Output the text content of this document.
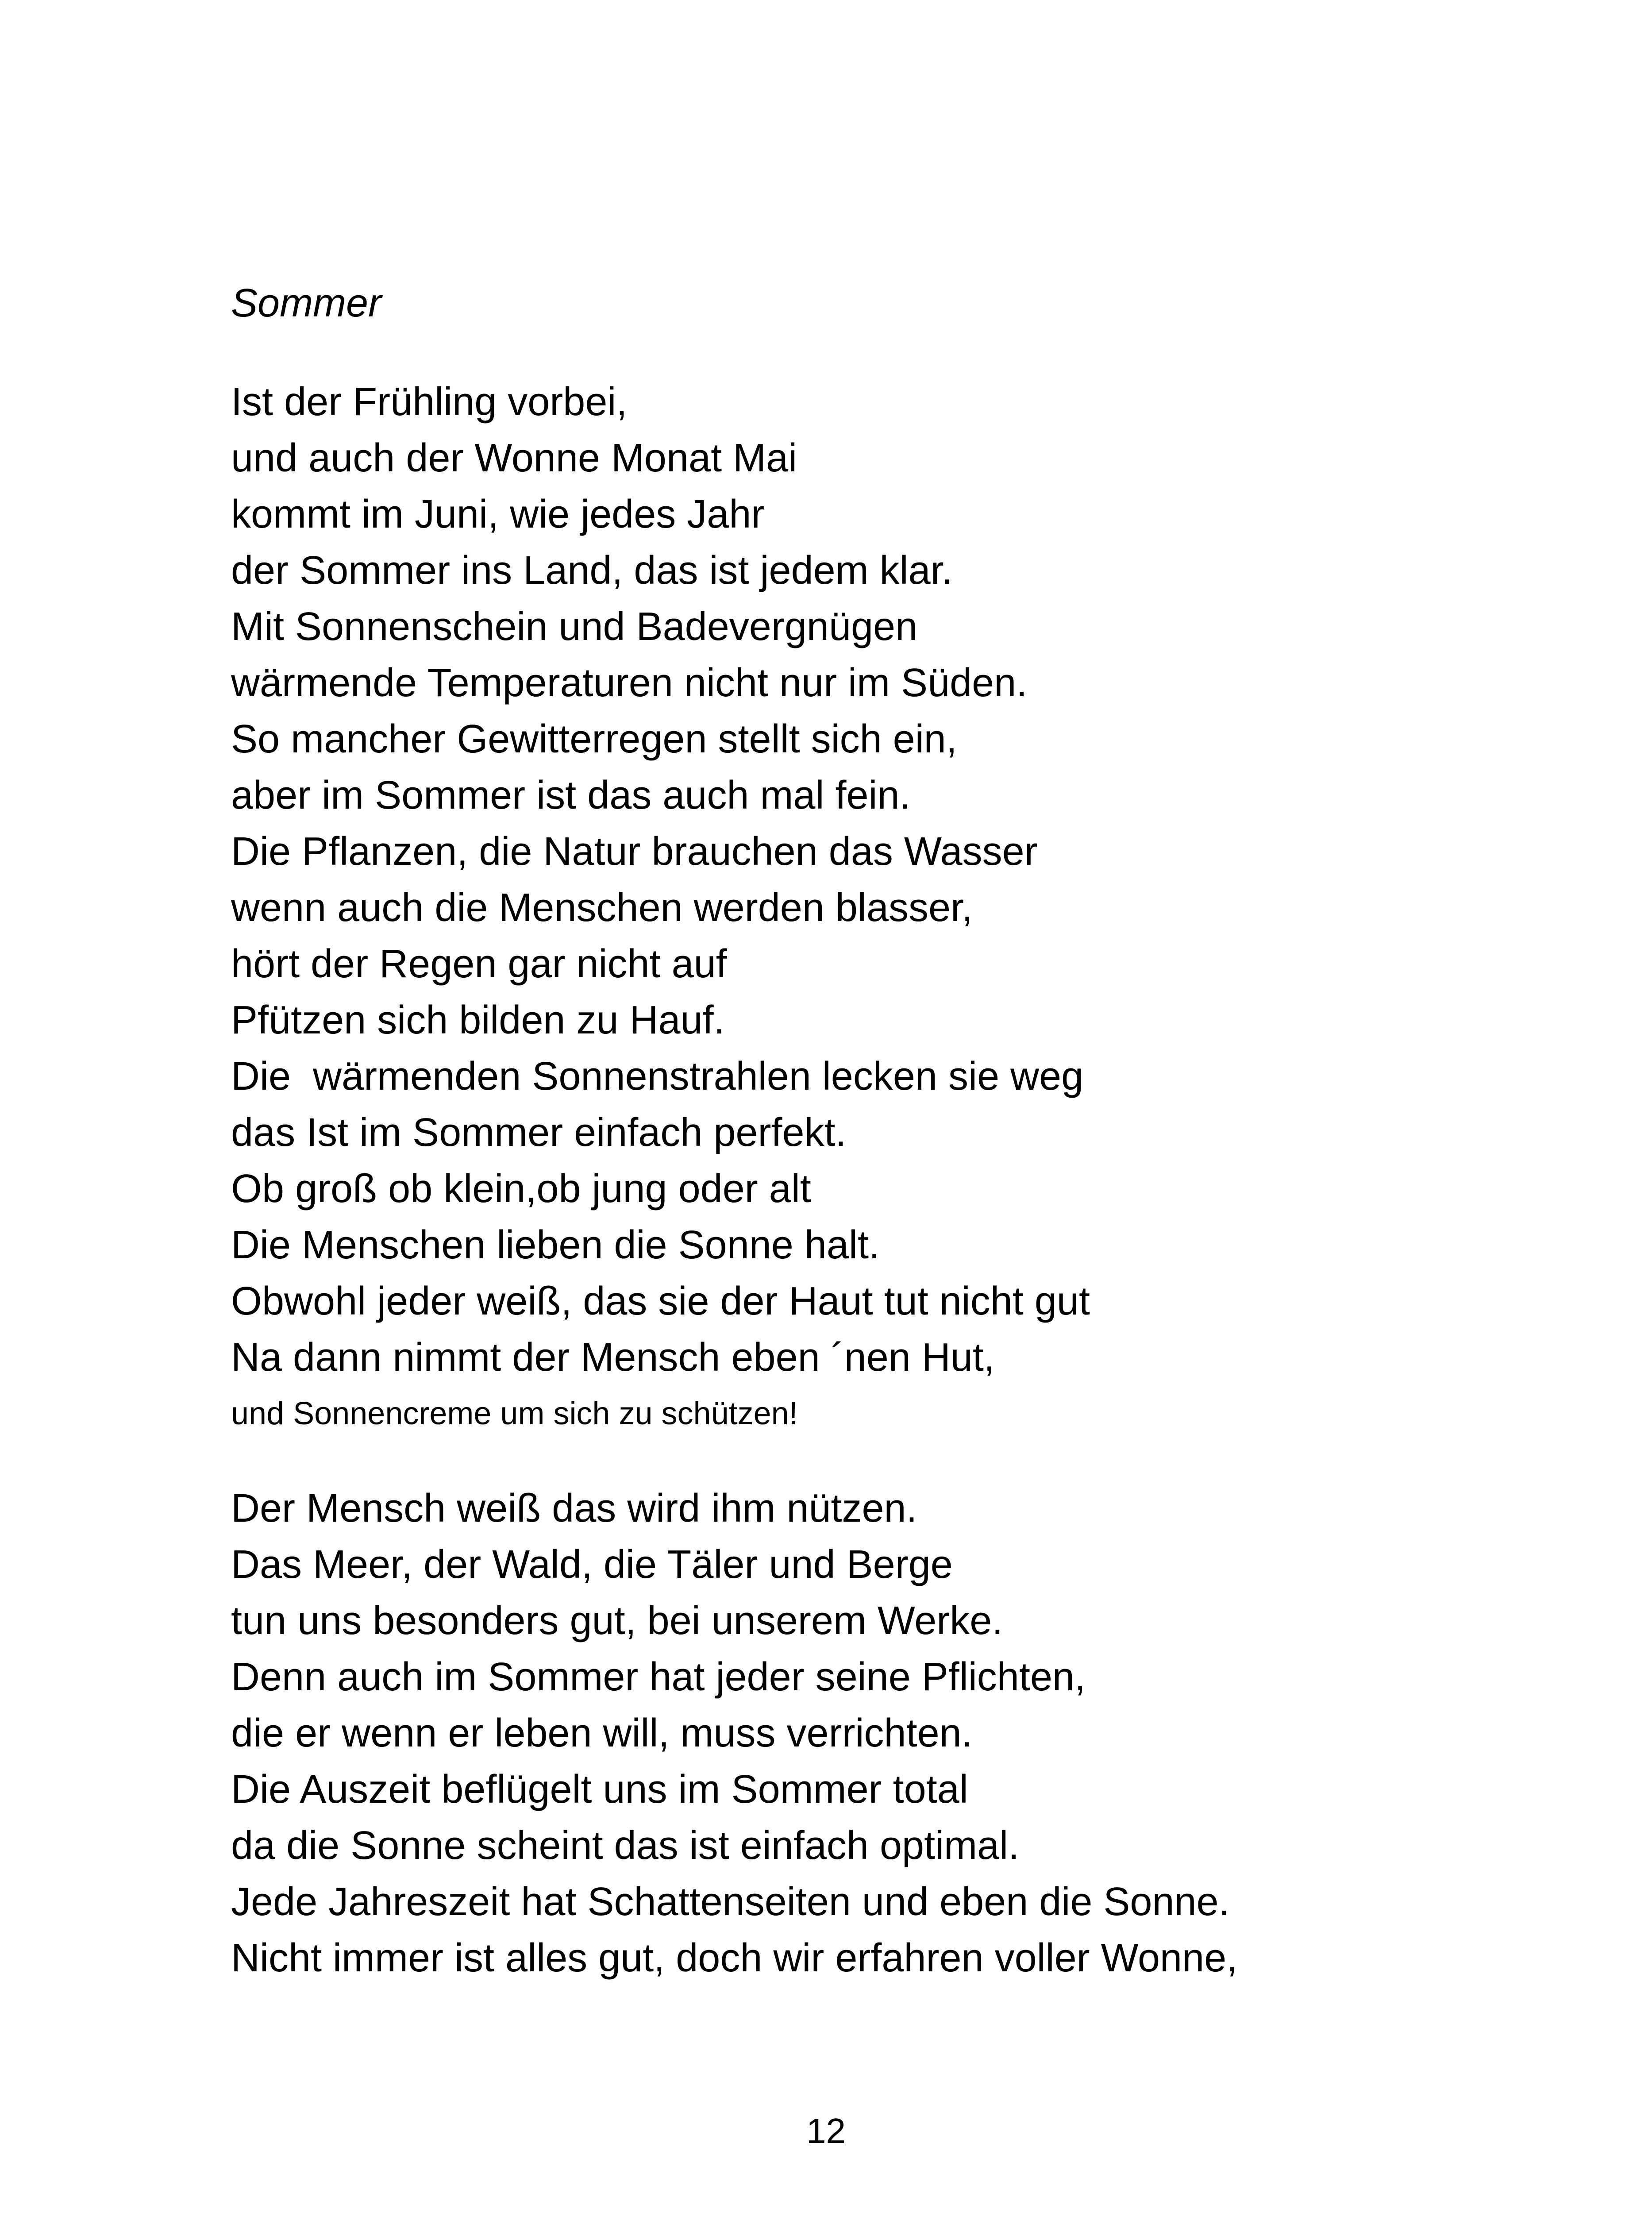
Sommer
Ist der Frühling vorbei,
und auch der Wonne Monat Mai
kommt im Juni, wie jedes Jahr
der Sommer ins Land, das ist jedem klar.
Mit Sonnenschein und Badevergnügen
wärmende Temperaturen nicht nur im Süden.
So mancher Gewitterregen stellt sich ein,
aber im Sommer ist das auch mal fein.
Die Pflanzen, die Natur brauchen das Wasser
wenn auch die Menschen werden blasser,
hört der Regen gar nicht auf
Pfützen sich bilden zu Hauf.
Die  wärmenden Sonnenstrahlen lecken sie weg
das Ist im Sommer einfach perfekt.
Ob groß ob klein,ob jung oder alt
Die Menschen lieben die Sonne halt.
Obwohl jeder weiß, das sie der Haut tut nicht gut
Na dann nimmt der Mensch eben ´nen Hut,
und Sonnencreme um sich zu schützen!
Der Mensch weiß das wird ihm nützen.
Das Meer, der Wald, die Täler und Berge
tun uns besonders gut, bei unserem Werke.
Denn auch im Sommer hat jeder seine Pflichten,
die er wenn er leben will, muss verrichten.
Die Auszeit beflügelt uns im Sommer total
da die Sonne scheint das ist einfach optimal.
Jede Jahreszeit hat Schattenseiten und eben die Sonne.
Nicht immer ist alles gut, doch wir erfahren voller Wonne,
12
